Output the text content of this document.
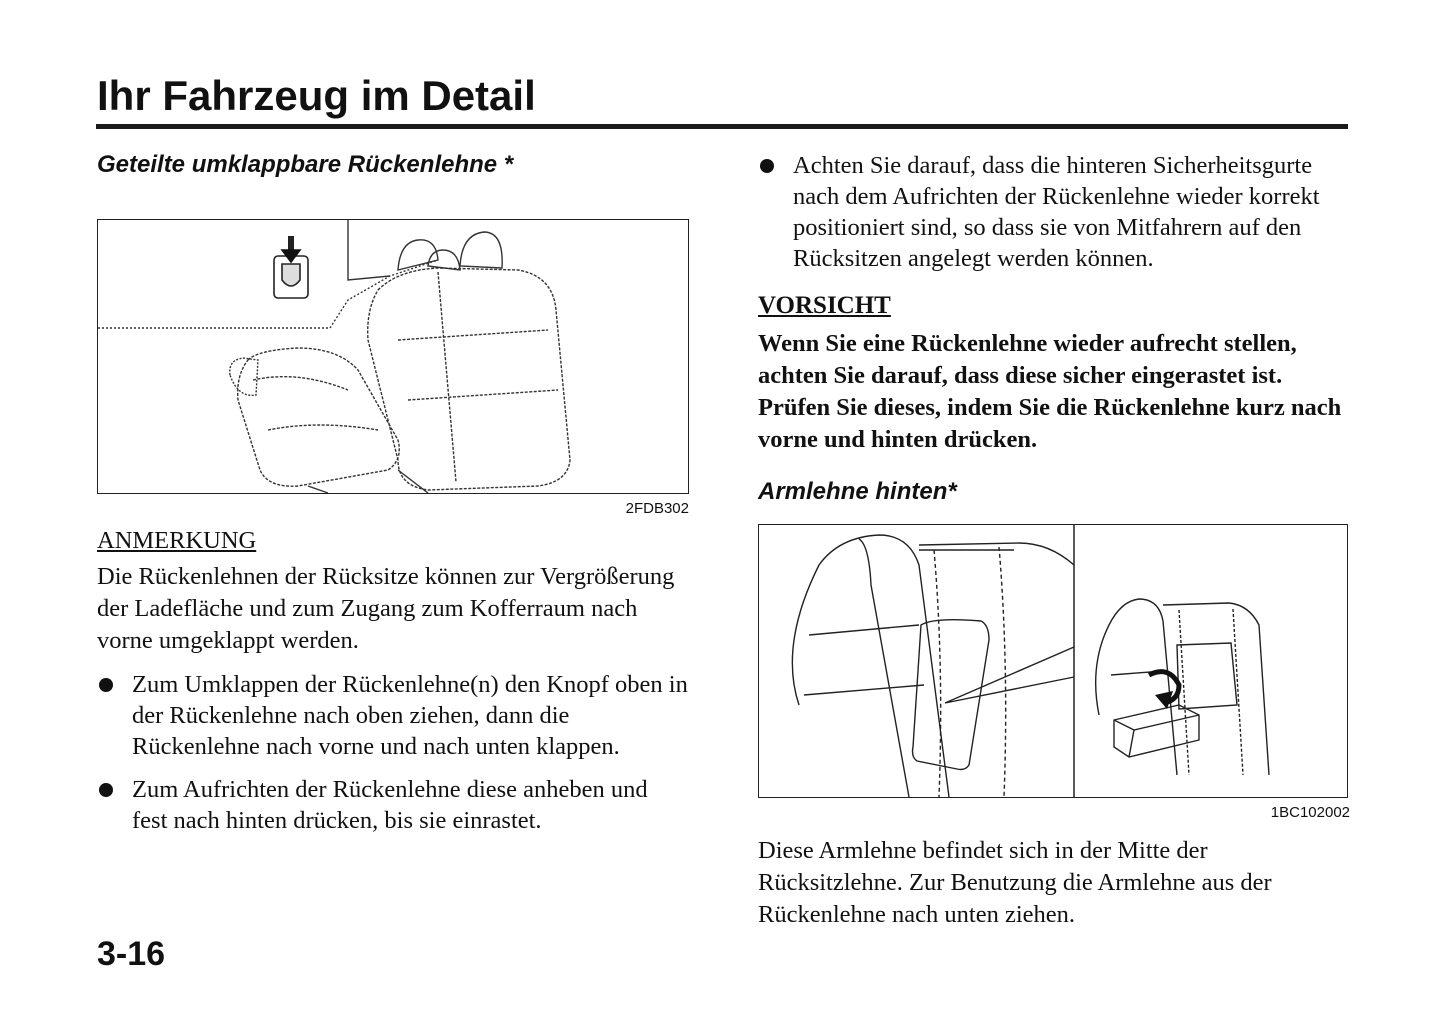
Ihr Fahrzeug im Detail
Geteilte umklappbare Rückenlehne *
2FDB302

ANMERKUNG

Die Rückenlehnen der Rücksitze können zur Vergrößerung der Ladefläche und zum Zugang zum Kofferraum nach vorne umgeklappt werden.

Zum Umklappen der Rückenlehne(n) den Knopf oben in der Rückenlehne nach oben ziehen, dann die Rückenlehne nach vorne und nach unten klappen.
Zum Aufrichten der Rückenlehne diese anheben und fest nach hinten drücken, bis sie einrastet.
Achten Sie darauf, dass die hinteren Sicherheitsgurte nach dem Aufrichten der Rückenlehne wieder korrekt positioniert sind, so dass sie von Mitfahrern auf den Rücksitzen angelegt werden können.

VORSICHT

Wenn Sie eine Rückenlehne wieder aufrecht stellen, achten Sie darauf, dass diese sicher eingerastet ist. Prüfen Sie dieses, indem Sie die Rückenlehne kurz nach vorne und hinten drücken.

Armlehne hinten*
1BC102002

Diese Armlehne befindet sich in der Mitte der Rücksitzlehne. Zur Benutzung die Armlehne aus der Rückenlehne nach unten ziehen.

3-16
